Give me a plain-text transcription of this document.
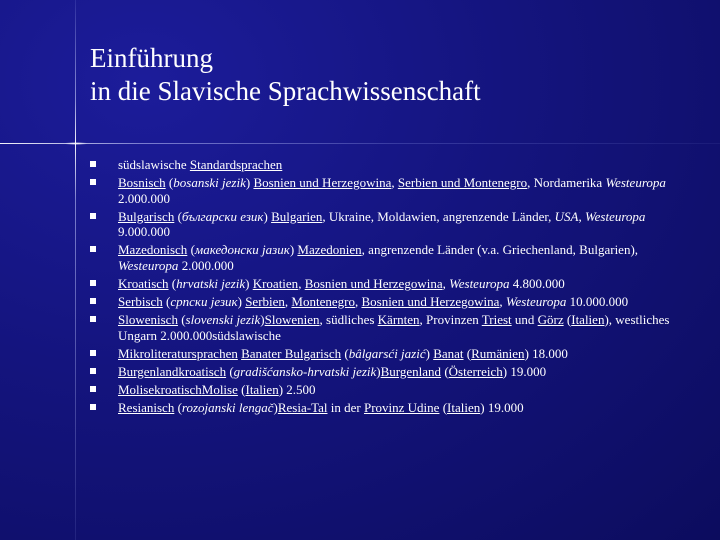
Einführung
in die Slavische Sprachwissenschaft
südslawische Standardsprachen
Bosnisch (bosanski jezik) Bosnien und Herzegowina, Serbien und Montenegro, Nordamerika Westeuropa 2.000.000
Bulgarisch (български език) Bulgarien, Ukraine, Moldawien, angrenzende Länder, USA, Westeuropa 9.000.000
Mazedonisch (македонски јазик) Mazedonien, angrenzende Länder (v.a. Griechenland, Bulgarien), Westeuropa 2.000.000
Kroatisch (hrvatski jezik) Kroatien, Bosnien und Herzegowina, Westeuropa 4.800.000
Serbisch (српски језик) Serbien, Montenegro, Bosnien und Herzegowina, Westeuropa 10.000.000
Slowenisch (slovenski jezik)Slowenien, südliches Kärnten, Provinzen Triest und Görz (Italien), westliches Ungarn 2.000.000südslawische
Mikroliteratursprachen Banater Bulgarisch (bâlgarsći jazić) Banat (Rumänien) 18.000
Burgenlandkroatisch (gradišćansko-hrvatski jezik)Burgenland (Österreich) 19.000
MolisekroatischMolise (Italien) 2.500
Resianisch (rozojanski lengač)Resia-Tal in der Provinz Udine (Italien) 19.000
